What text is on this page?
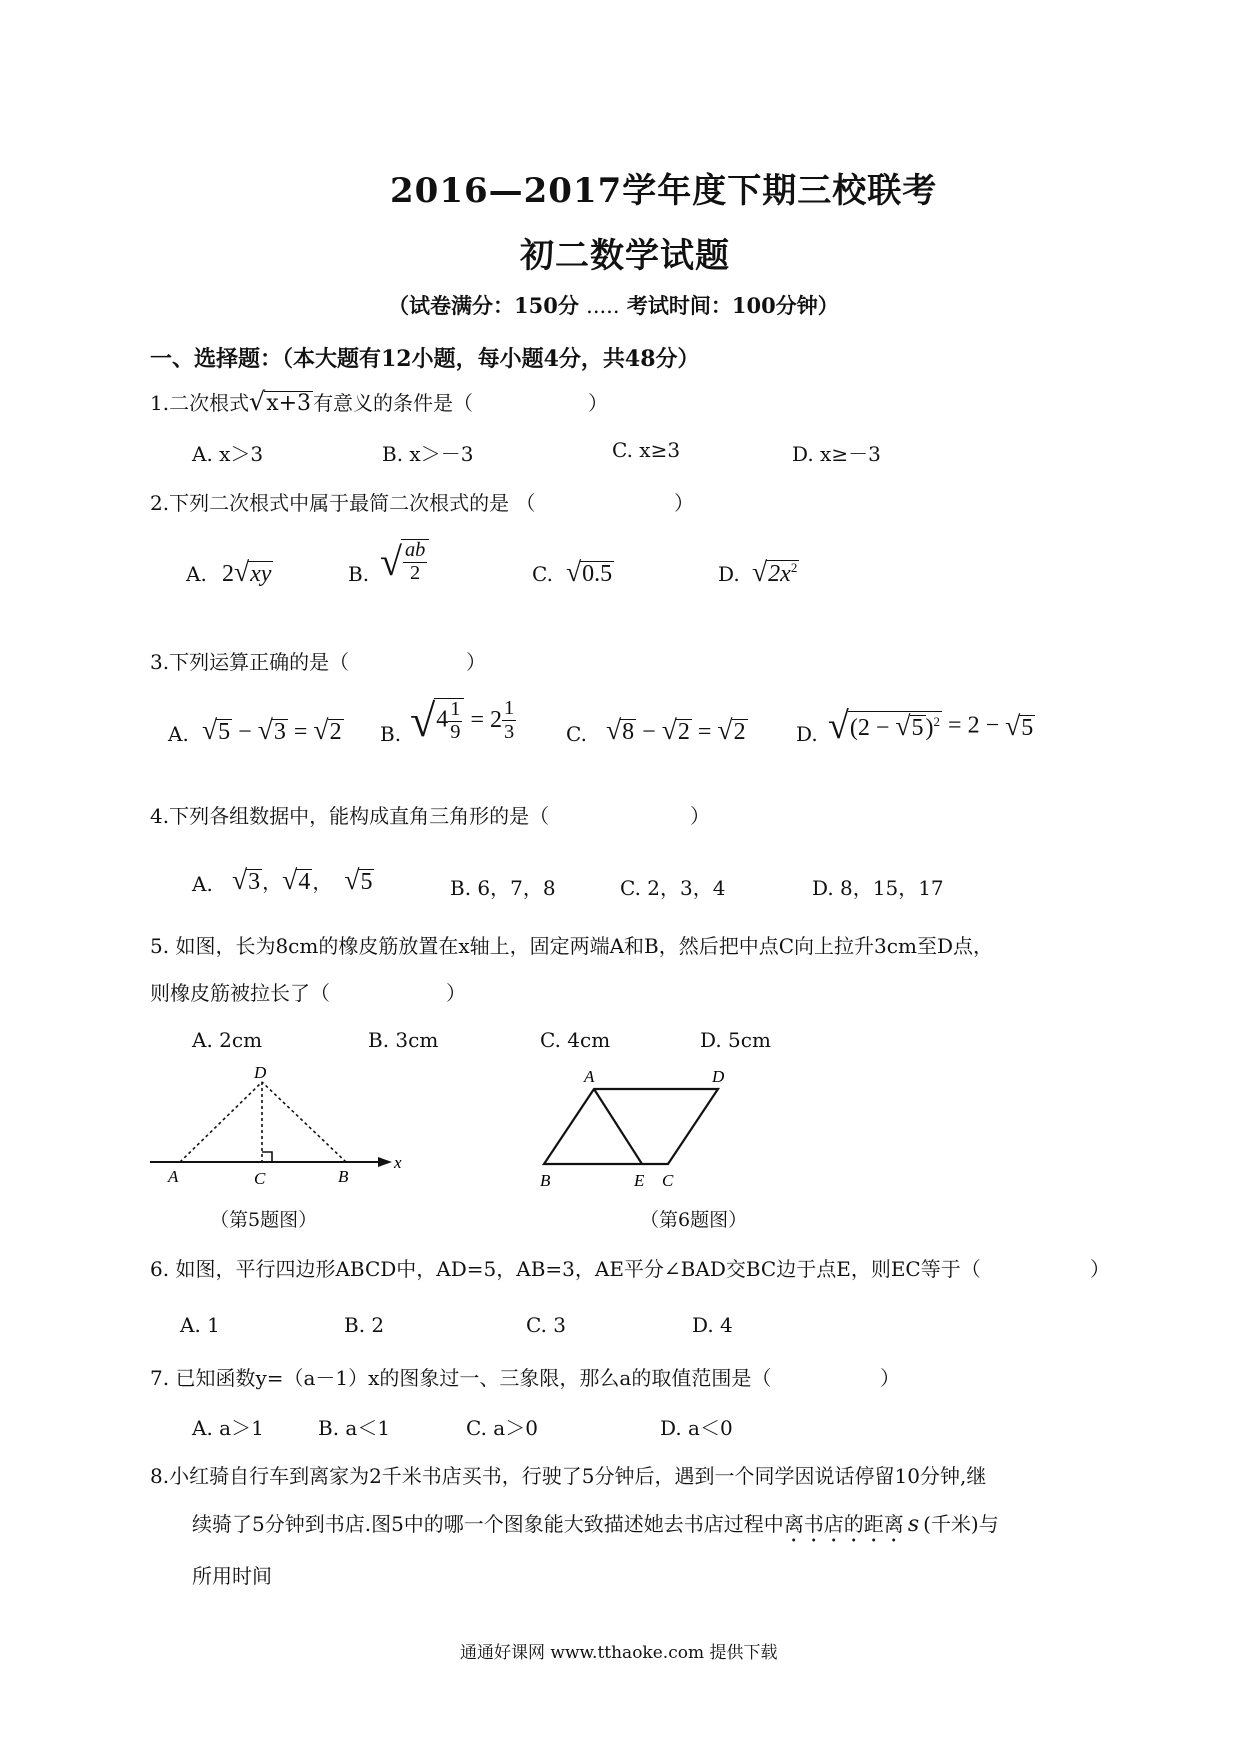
2016—2017学年度下期三校联考
初二数学试题
（试卷满分：150分 ..... 考试时间：100分钟）
一、选择题：（本大题有12小题，每小题4分，共48分）
1.二次根式√x+3 有意义的条件是（	）
A. x＞3	B. x＞－3	C. x≥3	D. x≥－3
2.下列二次根式中属于最简二次根式的是 （	）
A. 2√xy	B. √ $\frac{ab}{2}$	C. √0.5	D. $√2x^2$
3.下列运算正确的是（	）
A. √5 − √3 = √2 B. $√4 \frac{1}{9} = 2 \frac{1}{3} C$. √8 − √2 = √2	D. $√(2 - √5)^2 = 2 - √5$
4.下列各组数据中，能构成直角三角形的是（	）
A. √3 ，√4 ， √5	B. 6，7，8	C. 2，3，4	D. 8，15，17
5. 如图，长为8cm的橡皮筋放置在x轴上，固定两端A和B，然后把中点C向上拉升3cm至D点，
则橡皮筋被拉长了（	）
A. 2cm	B. 3cm	C. 4cm	D. 5cm
D
A	C	B
x
（第5题图）
A	D
B	E C
（第6题图）
6. 如图，平行四边形ABCD中，AD=5，AB=3，AE平分∠BAD交BC边于点E，则EC等于（	）
A. 1	B. 2	C. 3	D. 4
7. 已知函数y=（a－1）x的图象过一、三象限，那么a的取值范围是（	）
A. a＞1	B. a＜1	C. a＞0	D. a＜0
8.小红骑自行车到离家为2千米书店买书，行驶了5分钟后，遇到一个同学因说话停留10分钟,继
续骑了5分钟到书店.图5中的哪一个图象能大致描述她去书店过程中离书店的距离 s (千米)与
所用时间
通通好课网 www.tthaoke.com 提供下载
